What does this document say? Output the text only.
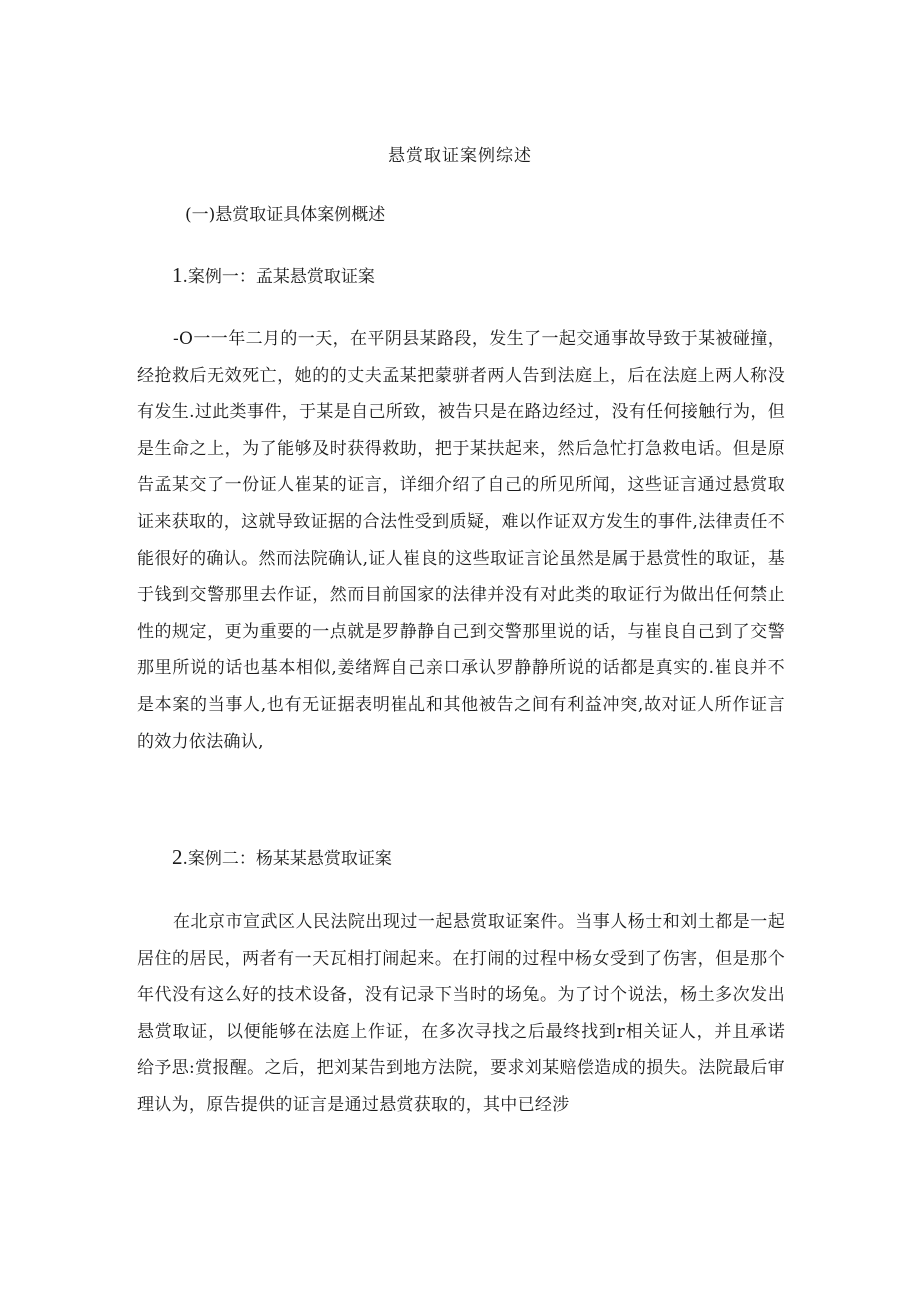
悬赏取证案例综述
(一)悬赏取证具体案例概述
1.案例一：孟某悬赏取证案

-O一一年二月的一天，在平阴县某路段，发生了一起交通事故导致于某被碰撞，经抢救后无效死亡，她的的丈夫孟某把蒙骈者两人告到法庭上，后在法庭上两人称没有发生.过此类事件，于某是自己所致，被告只是在路边经过，没有任何接触行为，但是生命之上，为了能够及时获得救助，把于某扶起来，然后急忙打急救电话。但是原告孟某交了一份证人崔某的证言，详细介绍了自己的所见所闻，这些证言通过悬赏取证来获取的，这就导致证据的合法性受到质疑，难以作证双方发生的事件,法律责任不能很好的确认。然而法院确认,证人崔良的这些取证言论虽然是属于悬赏性的取证，基于钱到交警那里去作证，然而目前国家的法律并没有对此类的取证行为做出任何禁止性的规定，更为重要的一点就是罗静静自己到交警那里说的话，与崔良自己到了交警那里所说的话也基本相似,姜绪辉自己亲口承认罗静静所说的话都是真实的.崔良并不是本案的当事人,也有无证据表明崔乩和其他被告之间有利益冲突,故对证人所作证言的效力依法确认,

2.案例二：杨某某悬赏取证案

在北京市宣武区人民法院出现过一起悬赏取证案件。当事人杨士和刘土都是一起居住的居民，两者有一天瓦相打闹起来。在打闹的过程中杨女受到了伤害，但是那个年代没有这么好的技术设备，没有记录下当时的场兔。为了讨个说法，杨土多次发出悬赏取证，以便能够在法庭上作证，在多次寻找之后最终找到r相关证人，并且承诺给予思:赏报醒。之后，把刘某告到地方法院，要求刘某赔偿造成的损失。法院最后审理认为，原告提供的证言是通过悬赏获取的，其中已经涉
